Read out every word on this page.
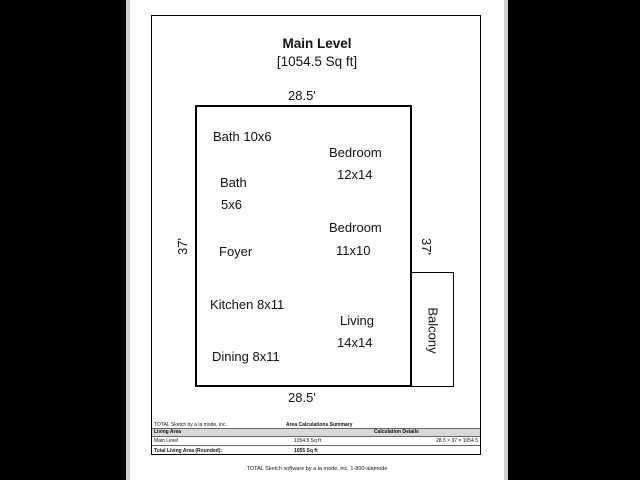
Main Level
[1054.5 Sq ft]
28.5'
28.5'
37'	37'
Bath 10x6
Bedroom
12x14
Bath
5x6
Bedroom
11x10
Foyer
Kitchen 8x11
Living
14x14
Dining 8x11
Balcony
TOTAL Sketch by a la mode, inc.	Area Calculations Summary
Living Area	Calculation Details
Main Level	1054.5 Sq ft	28.5 × 37 = 1054.5
Total Living Area (Rounded):	1055 Sq ft
TOTAL Sketch software by a la mode, inc. 1-800-alamode
